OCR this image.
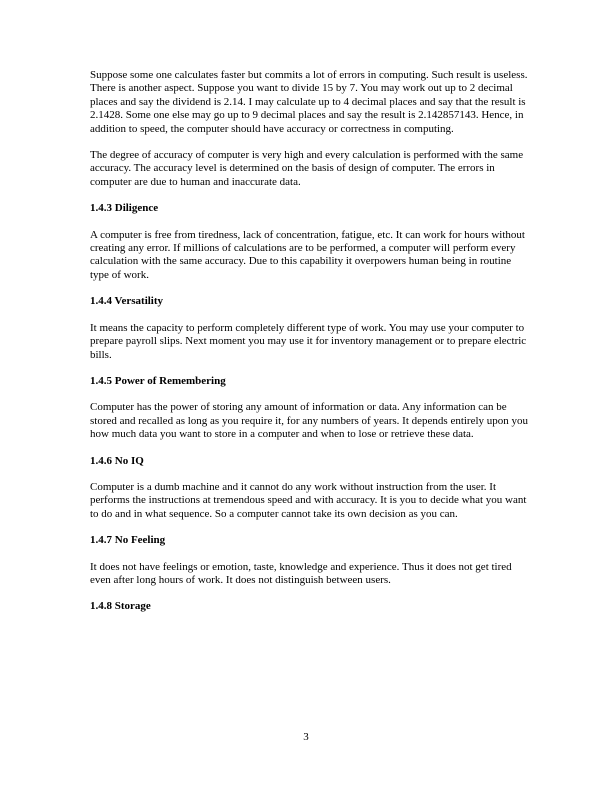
Suppose some one calculates faster but commits a lot of errors in computing. Such result is useless. There is another aspect. Suppose you want to divide 15 by 7. You may work out up to 2 decimal places and say the dividend is 2.14. I may calculate up to 4 decimal places and say that the result is 2.1428. Some one else may go up to 9 decimal places and say the result is 2.142857143. Hence, in addition to speed, the computer should have accuracy or correctness in computing.

The degree of accuracy of computer is very high and every calculation is performed with the same accuracy. The accuracy level is determined on the basis of design of computer. The errors in computer are due to human and inaccurate data.

1.4.3 Diligence

A computer is free from tiredness, lack of concentration, fatigue, etc. It can work for hours without creating any error. If millions of calculations are to be performed, a computer will perform every calculation with the same accuracy. Due to this capability it overpowers human being in routine type of work.

1.4.4 Versatility

It means the capacity to perform completely different type of work. You may use your computer to prepare payroll slips. Next moment you may use it for inventory management or to prepare electric bills.

1.4.5 Power of Remembering

Computer has the power of storing any amount of information or data. Any information can be stored and recalled as long as you require it, for any numbers of years. It depends entirely upon you how much data you want to store in a computer and when to lose or retrieve these data.

1.4.6 No IQ

Computer is a dumb machine and it cannot do any work without instruction from the user. It performs the instructions at tremendous speed and with accuracy. It is you to decide what you want to do and in what sequence. So a computer cannot take its own decision as you can.

1.4.7 No Feeling

It does not have feelings or emotion, taste, knowledge and experience. Thus it does not get tired even after long hours of work. It does not distinguish between users.

1.4.8 Storage

3
